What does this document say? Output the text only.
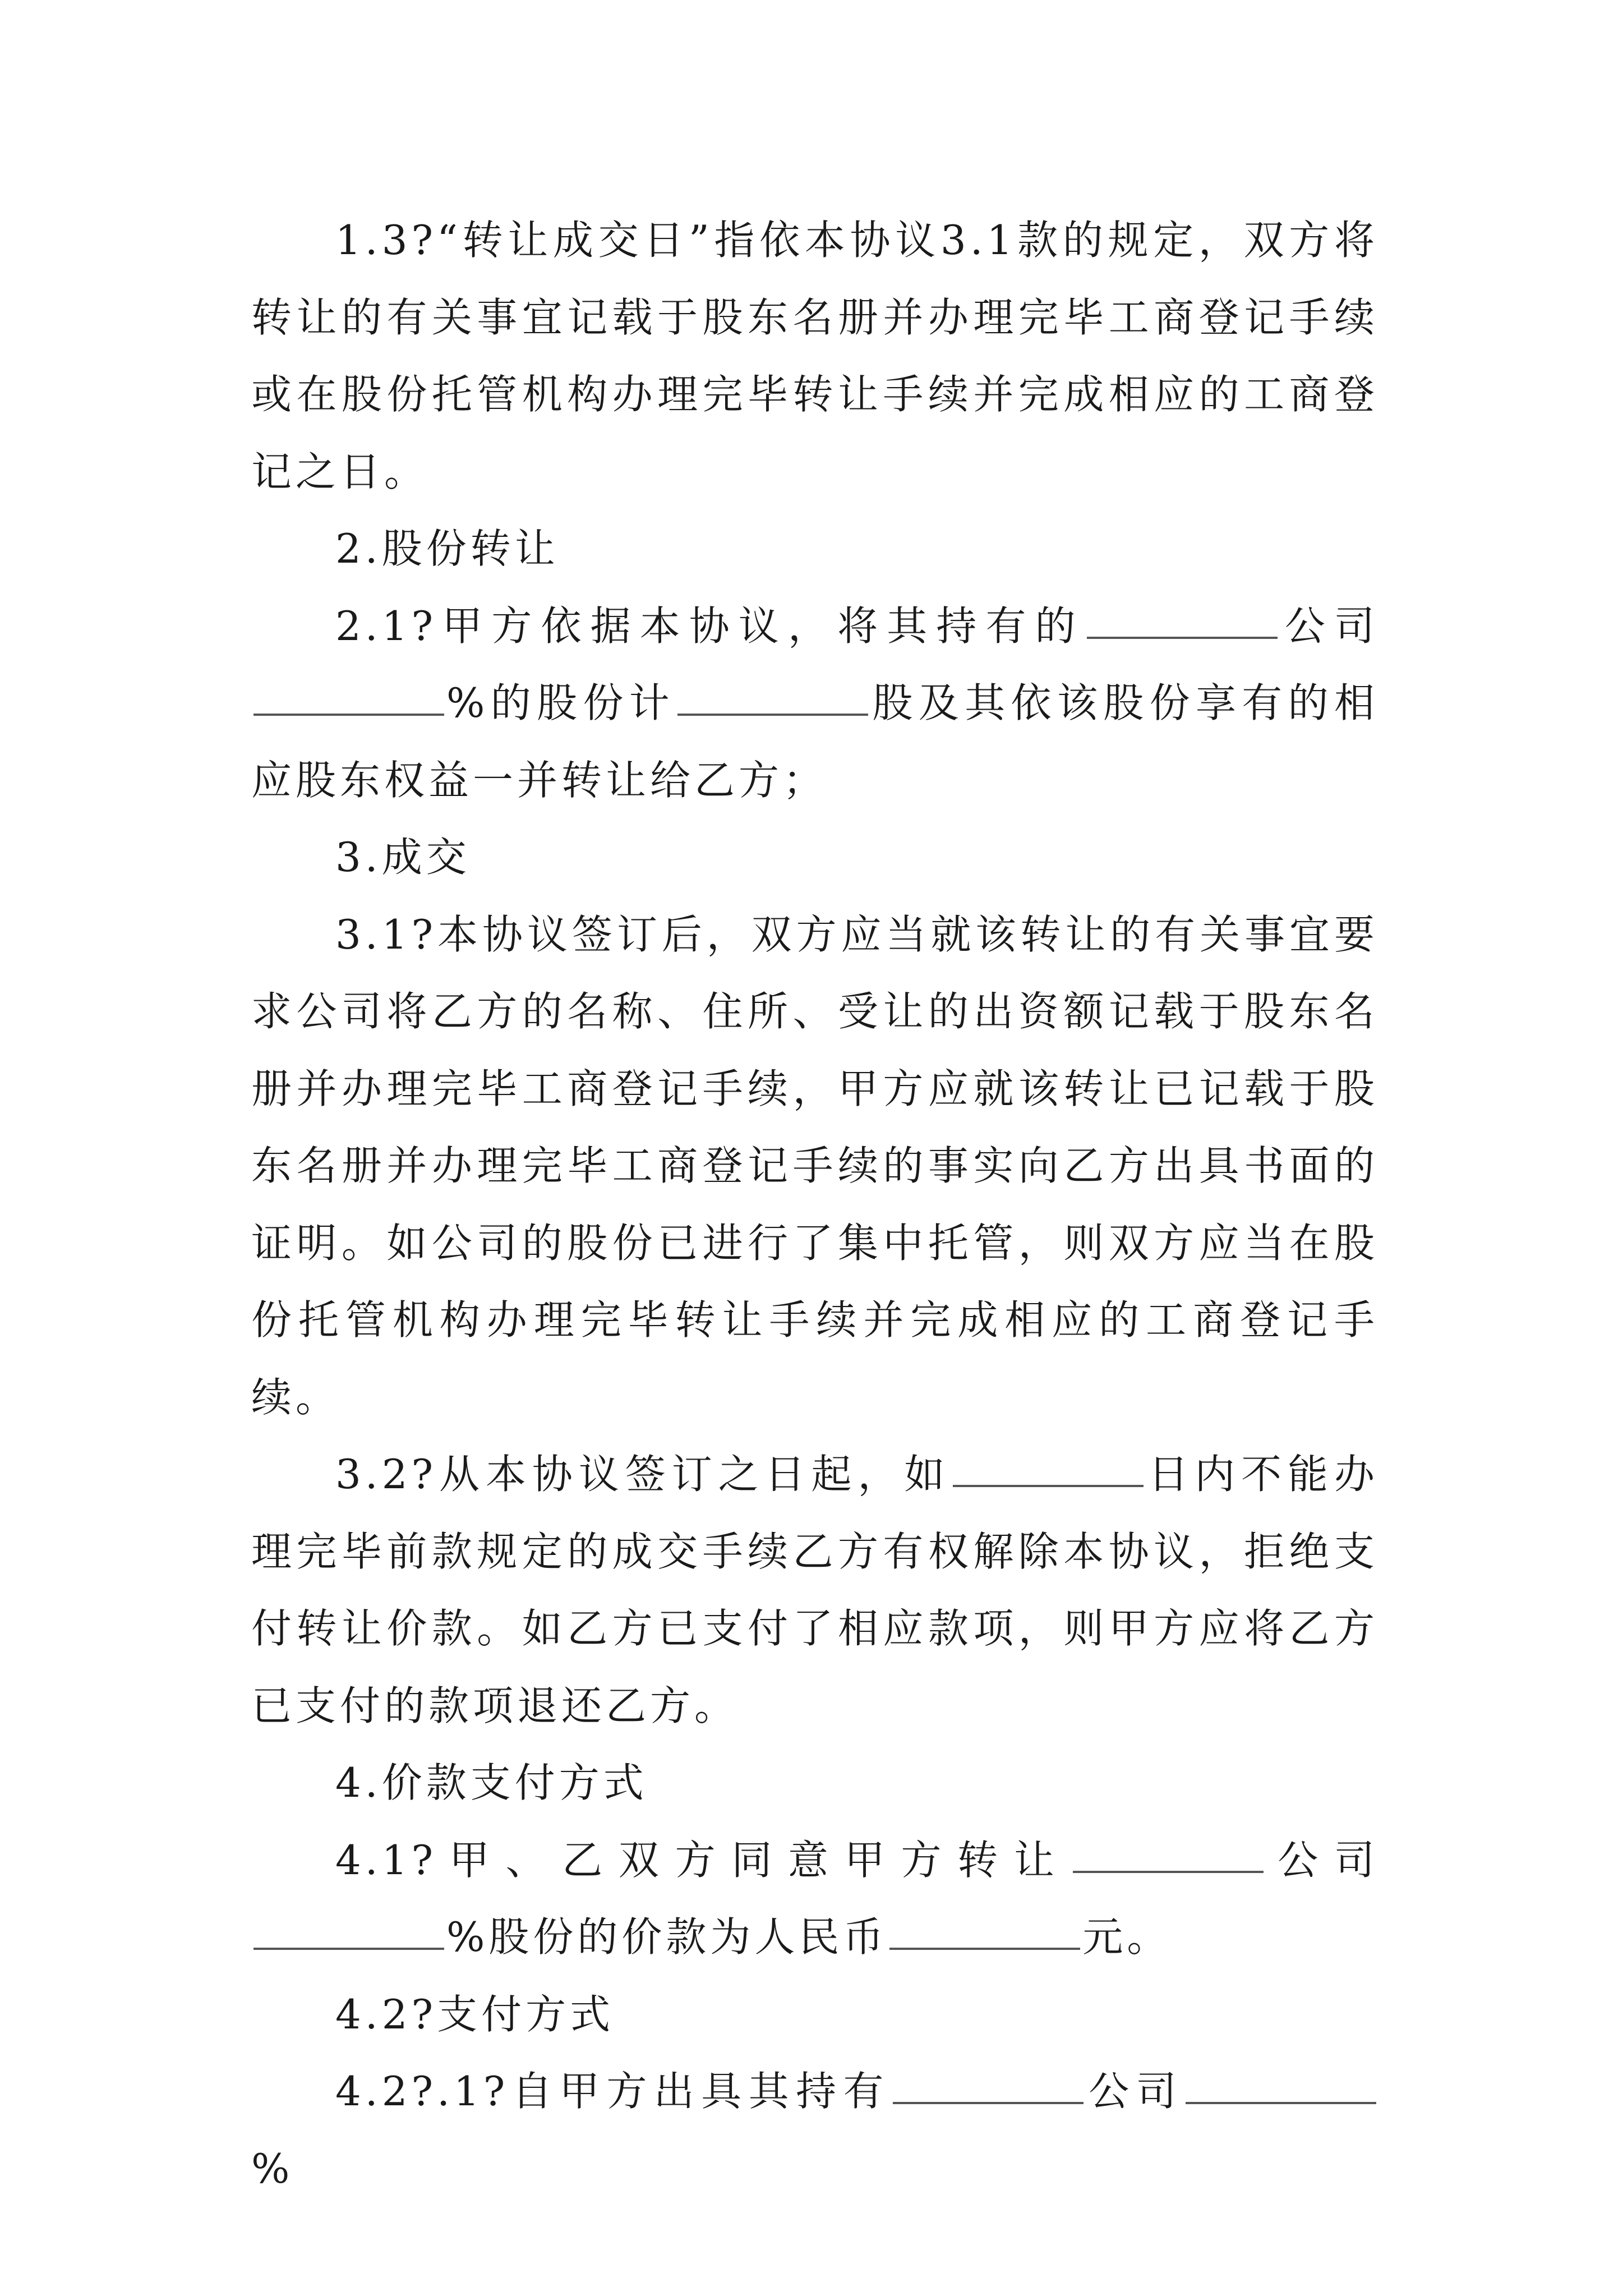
1.3?“转让成交日”指依本协议3.1款的规定，双方将转让的有关事宜记载于股东名册并办理完毕工商登记手续或在股份托管机构办理完毕转让手续并完成相应的工商登记之日。

2.股份转让

2.1?甲方依据本协议，将其持有的	公司%的股份计	股及其依该股份享有的相应股东权益一并转让给乙方；

3.成交

3.1?本协议签订后，双方应当就该转让的有关事宜要求公司将乙方的名称、住所、受让的出资额记载于股东名册并办理完毕工商登记手续，甲方应就该转让已记载于股东名册并办理完毕工商登记手续的事实向乙方出具书面的证明。如公司的股份已进行了集中托管，则双方应当在股份托管机构办理完毕转让手续并完成相应的工商登记手续。

3.2?从本协议签订之日起，如	日内不能办理完毕前款规定的成交手续乙方有权解除本协议，拒绝支付转让价款。如乙方已支付了相应款项，则甲方应将乙方已支付的款项退还乙方。

4.价款支付方式

4.1?甲、乙双方同意甲方转让	公司%股份的价款为人民币	元。

4.2?支付方式

4.2?.1?自甲方出具其持有	公司%
